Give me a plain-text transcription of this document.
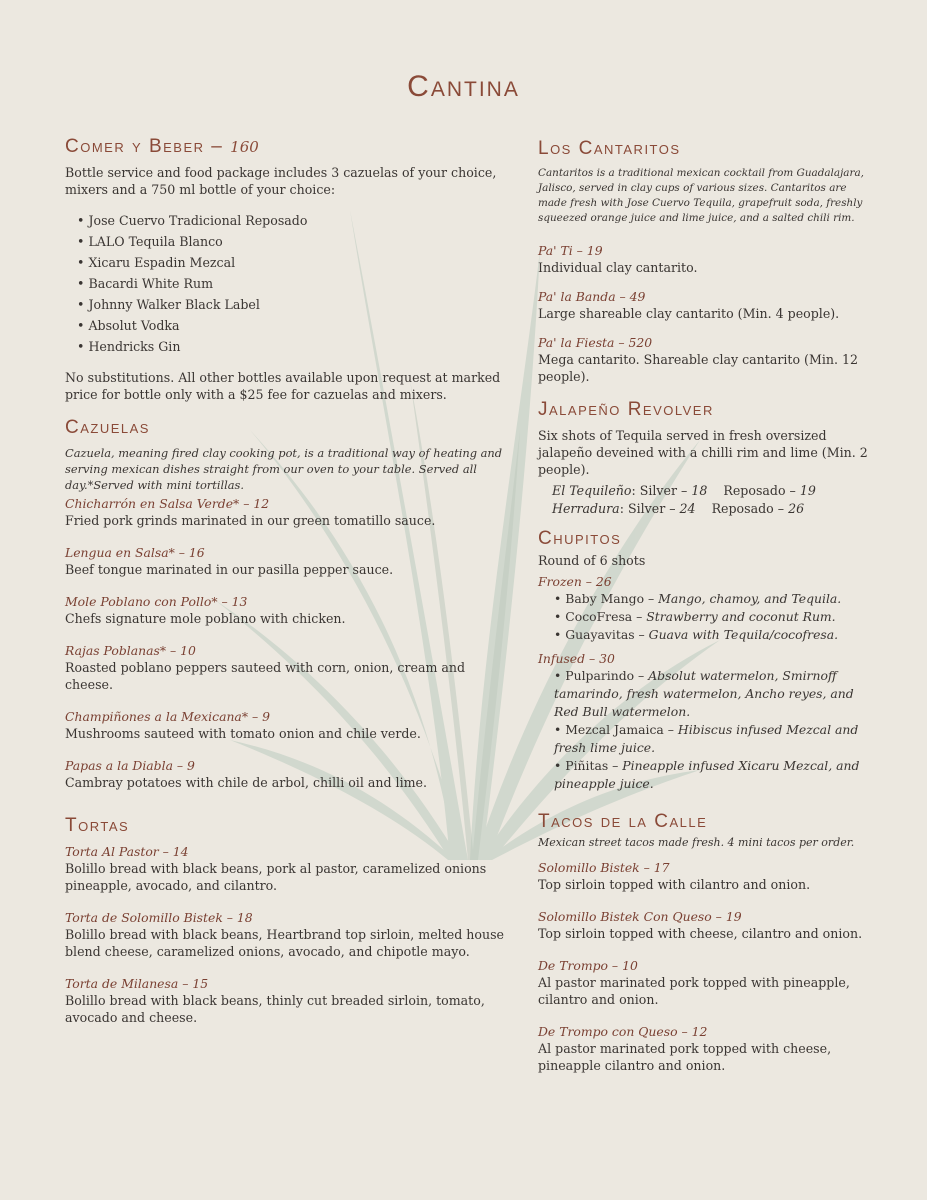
Cantina
Comer y Beber – 160

Bottle service and food package includes 3 cazuelas of your choice, mixers and a 750 ml bottle of your choice:

• Jose Cuervo Tradicional Reposado
• LALO Tequila Blanco
• Xicaru Espadin Mezcal
• Bacardi White Rum
• Johnny Walker Black Label
• Absolut Vodka
• Hendricks Gin

No substitutions. All other bottles available upon request at marked price for bottle only with a $25 fee for cazuelas and mixers.

Cazuelas

Cazuela, meaning fired clay cooking pot, is a traditional way of heating and serving mexican dishes straight from our oven to your table. Served all day.*Served with mini tortillas.

Chicharrón en Salsa Verde* – 12
Fried pork grinds marinated in our green tomatillo sauce.
Lengua en Salsa* – 16
Beef tongue marinated in our pasilla pepper sauce.
Mole Poblano con Pollo* – 13
Chefs signature mole poblano with chicken.
Rajas Poblanas* – 10
Roasted poblano peppers sauteed with corn, onion, cream and cheese.
Champiñones a la Mexicana* – 9
Mushrooms sauteed with tomato onion and chile verde.
Papas a la Diabla – 9
Cambray potatoes with chile de arbol, chilli oil and lime.
Tortas
Torta Al Pastor – 14
Bolillo bread with black beans, pork al pastor, caramelized onions pineapple, avocado, and cilantro.
Torta de Solomillo Bistek – 18
Bolillo bread with black beans, Heartbrand top sirloin, melted house blend cheese, caramelized onions, avocado, and chipotle mayo.
Torta de Milanesa – 15
Bolillo bread with black beans, thinly cut breaded sirloin, tomato, avocado and cheese.
Los Cantaritos

Cantaritos is a traditional mexican cocktail from Guadalajara, Jalisco, served in clay cups of various sizes. Cantaritos are made fresh with Jose Cuervo Tequila, grapefruit soda, freshly squeezed orange juice and lime juice, and a salted chili rim.

Pa' Ti – 19
Individual clay cantarito.
Pa' la Banda – 49
Large shareable clay cantarito (Min. 4 people).
Pa' la Fiesta – 520
Mega cantarito. Shareable clay cantarito (Min. 12 people).
Jalapeño Revolver

Six shots of Tequila served in fresh oversized jalapeño deveined with a chilli rim and lime (Min. 2 people).

El Tequileño: Silver – 18 Reposado – 19
Herradura: Silver – 24 Reposado – 26
Chupitos

Round of 6 shots

Frozen – 26
• Baby Mango – Mango, chamoy, and Tequila.
• CocoFresa – Strawberry and coconut Rum.
• Guayavitas – Guava with Tequila/cocofresa.
Infused – 30
• Pulparindo – Absolut watermelon, Smirnoff tamarindo, fresh watermelon, Ancho reyes, and Red Bull watermelon.
• Mezcal Jamaica – Hibiscus infused Mezcal and fresh lime juice.
• Piñitas – Pineapple infused Xicaru Mezcal, and pineapple juice.
Tacos de la Calle

Mexican street tacos made fresh. 4 mini tacos per order.

Solomillo Bistek – 17
Top sirloin topped with cilantro and onion.
Solomillo Bistek Con Queso – 19
Top sirloin topped with cheese, cilantro and onion.
De Trompo – 10
Al pastor marinated pork topped with pineapple, cilantro and onion.
De Trompo con Queso – 12
Al pastor marinated pork topped with cheese, pineapple cilantro and onion.
